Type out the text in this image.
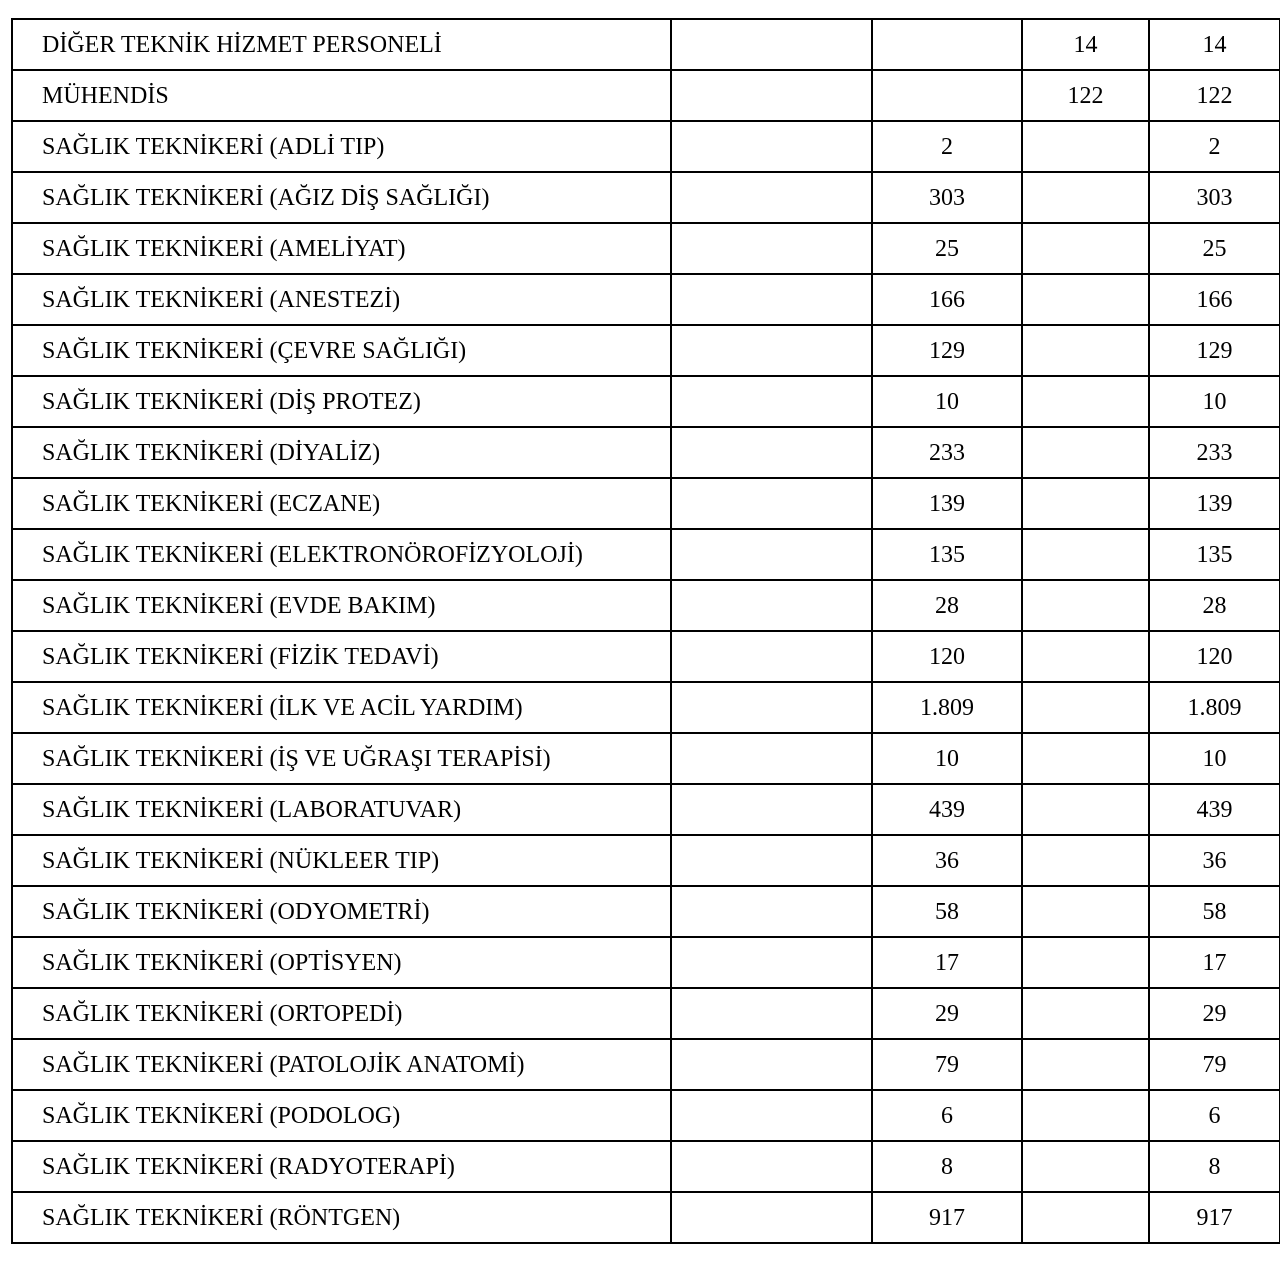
DİĞER TEKNİK HİZMET PERSONELİ			14	14
MÜHENDİS			122	122
SAĞLIK TEKNİKERİ (ADLİ TIP)		2		2
SAĞLIK TEKNİKERİ (AĞIZ DİŞ SAĞLIĞI)		303		303
SAĞLIK TEKNİKERİ (AMELİYAT)		25		25
SAĞLIK TEKNİKERİ (ANESTEZİ)		166		166
SAĞLIK TEKNİKERİ (ÇEVRE SAĞLIĞI)		129		129
SAĞLIK TEKNİKERİ (DİŞ PROTEZ)		10		10
SAĞLIK TEKNİKERİ (DİYALİZ)		233		233
SAĞLIK TEKNİKERİ (ECZANE)		139		139
SAĞLIK TEKNİKERİ (ELEKTRONÖROFİZYOLOJİ)		135		135
SAĞLIK TEKNİKERİ (EVDE BAKIM)		28		28
SAĞLIK TEKNİKERİ (FİZİK TEDAVİ)		120		120
SAĞLIK TEKNİKERİ (İLK VE ACİL YARDIM)		1.809		1.809
SAĞLIK TEKNİKERİ (İŞ VE UĞRAŞI TERAPİSİ)		10		10
SAĞLIK TEKNİKERİ (LABORATUVAR)		439		439
SAĞLIK TEKNİKERİ (NÜKLEER TIP)		36		36
SAĞLIK TEKNİKERİ (ODYOMETRİ)		58		58
SAĞLIK TEKNİKERİ (OPTİSYEN)		17		17
SAĞLIK TEKNİKERİ (ORTOPEDİ)		29		29
SAĞLIK TEKNİKERİ (PATOLOJİK ANATOMİ)		79		79
SAĞLIK TEKNİKERİ (PODOLOG)		6		6
SAĞLIK TEKNİKERİ (RADYOTERAPİ)		8		8
SAĞLIK TEKNİKERİ (RÖNTGEN)		917		917
